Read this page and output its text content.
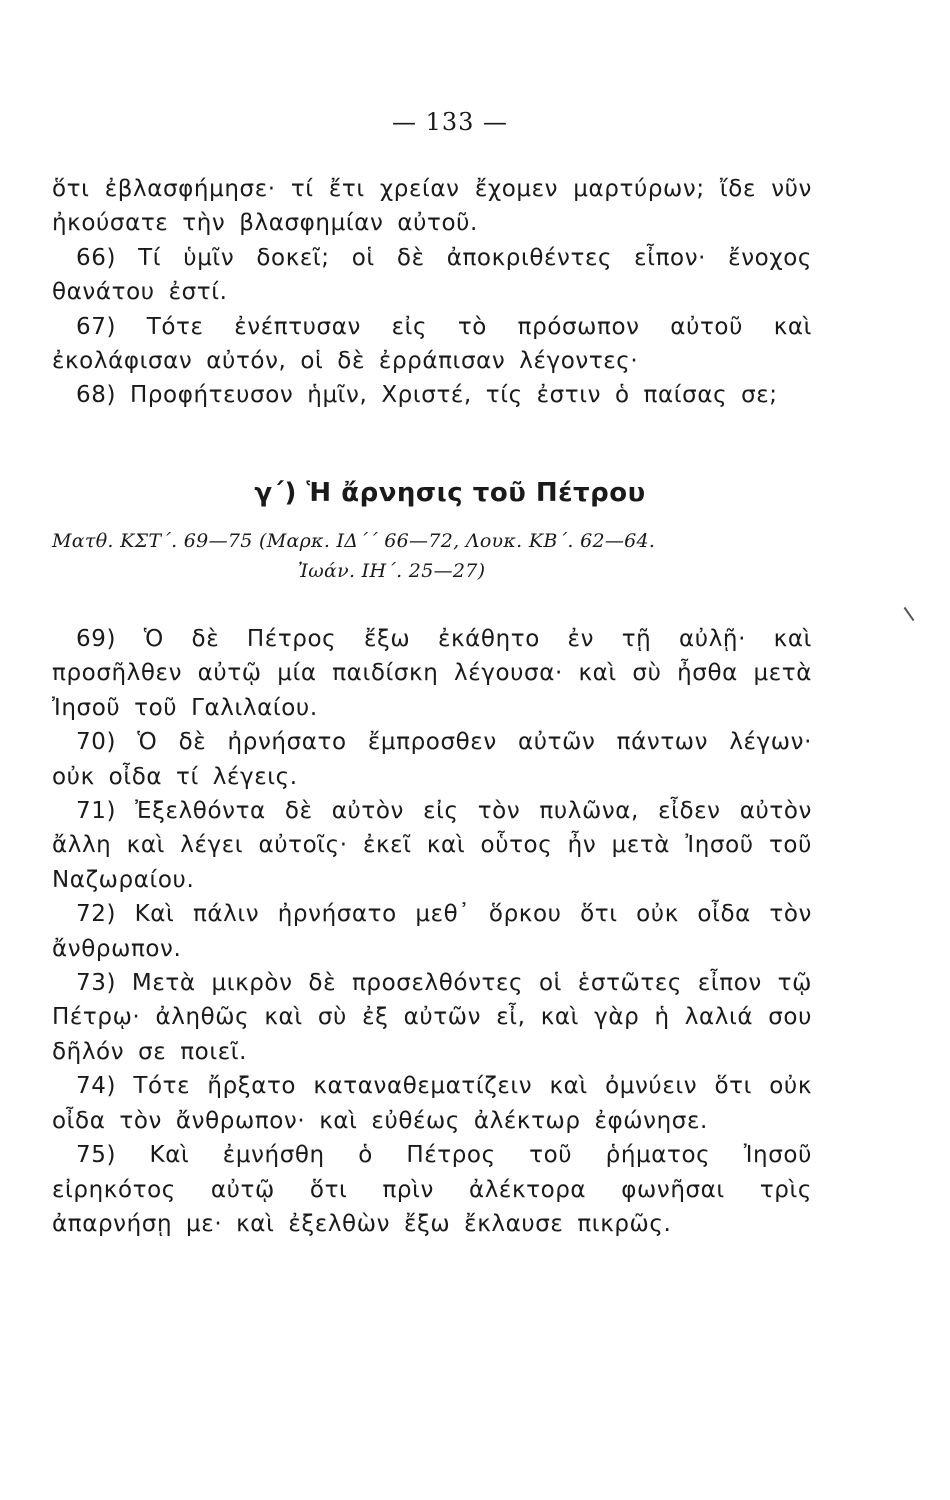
— 133 —

ὅτι ἐβλασφήμησε· τί ἔτι χρείαν ἔχομεν μαρτύρων; ἴδε νῦν ἠκούσατε τὴν βλασφημίαν αὐτοῦ.

66) Τί ὑμῖν δοκεῖ; οἱ δὲ ἀποκριθέντες εἶπον· ἔνοχος θανάτου ἐστί.

67) Τότε ἐνέπτυσαν εἰς τὸ πρόσωπον αὐτοῦ καὶ ἐκολάφισαν αὐτόν, οἱ δὲ ἐρράπισαν λέγοντες·

68) Προφήτευσον ἡμῖν, Χριστέ, τίς ἐστιν ὁ παίσας σε;

γ΄) Ἡ ἄρνησις τοῦ Πέτρου
Ματθ. ΚΣΤ΄. 69—75 (Μαρκ. ΙΔ΄΄ 66—72, Λουκ. ΚΒ΄. 62—64.
Ἰωάν. ΙΗ΄. 25—27)

69) Ὁ δὲ Πέτρος ἔξω ἐκάθητο ἐν τῇ αὐλῇ· καὶ προσῆλθεν αὐτῷ μία παιδίσκη λέγουσα· καὶ σὺ ἦσθα μετὰ Ἰησοῦ τοῦ Γαλιλαίου.

70) Ὁ δὲ ἠρνήσατο ἔμπροσθεν αὐτῶν πάντων λέγων· οὐκ οἶδα τί λέγεις.

71) Ἐξελθόντα δὲ αὐτὸν εἰς τὸν πυλῶνα, εἶδεν αὐτὸν ἄλλη καὶ λέγει αὐτοῖς· ἐκεῖ καὶ οὗτος ἦν μετὰ Ἰησοῦ τοῦ Ναζωραίου.

72) Καὶ πάλιν ἠρνήσατο μεθ᾿ ὅρκου ὅτι οὐκ οἶδα τὸν ἄνθρωπον.

73) Μετὰ μικρὸν δὲ προσελθόντες οἱ ἑστῶτες εἶπον τῷ Πέτρῳ· ἀληθῶς καὶ σὺ ἐξ αὐτῶν εἶ, καὶ γὰρ ἡ λαλιά σου δῆλόν σε ποιεῖ.

74) Τότε ἤρξατο καταναθεματίζειν καὶ ὀμνύειν ὅτι οὐκ οἶδα τὸν ἄνθρωπον· καὶ εὐθέως ἀλέκτωρ ἐφώνησε.

75) Καὶ ἐμνήσθη ὁ Πέτρος τοῦ ῥήματος Ἰησοῦ εἰρηκότος αὐτῷ ὅτι πρὶν ἀλέκτορα φωνῆσαι τρὶς ἀπαρνήσῃ με· καὶ ἐξελθὼν ἔξω ἔκλαυσε πικρῶς.
